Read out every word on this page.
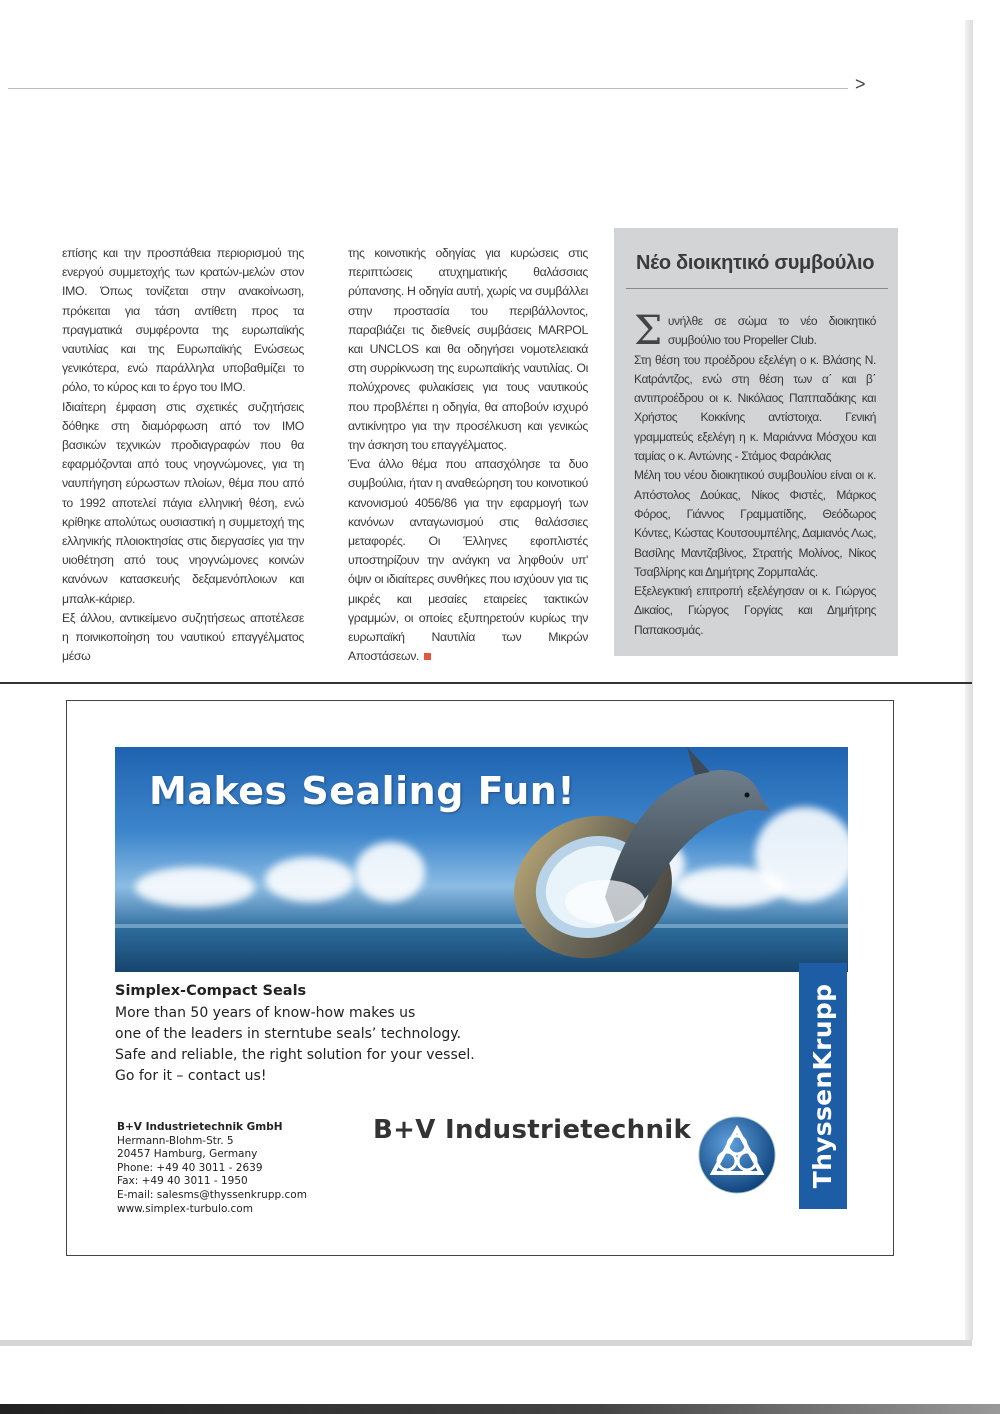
>

επίσης και την προσπάθεια περιορισμού της ενεργού συμμετοχής των κρατών-μελών στον IMO. Όπως τονίζεται στην ανακοίνωση, πρόκειται για τάση αντίθετη προς τα πραγματικά συμφέροντα της ευρωπαϊκής ναυτιλίας και της Ευρωπαϊκής Ενώσεως γενικότερα, ενώ παράλληλα υποβαθμίζει το ρόλο, το κύρος και το έργο του IMO.

Ιδιαίτερη έμφαση στις σχετικές συζητήσεις δόθηκε στη διαμόρφωση από τον IMO βασικών τεχνικών προδιαγραφών που θα εφαρμόζονται από τους νηογνώμονες, για τη ναυπήγηση εύρωστων πλοίων, θέμα που από το 1992 αποτελεί πάγια ελληνική θέση, ενώ κρίθηκε απολύτως ουσιαστική η συμμετοχή της ελληνικής πλοιοκτησίας στις διεργασίες για την υιοθέτηση από τους νηογνώμονες κοινών κανόνων κατασκευής δεξαμενόπλοιων και μπαλκ-κάριερ.

Εξ άλλου, αντικείμενο συζητήσεως αποτέλεσε η ποινικοποίηση του ναυτικού επαγγέλματος μέσω

της κοινοτικής οδηγίας για κυρώσεις στις περιπτώσεις ατυχηματικής θαλάσσιας ρύπανσης. Η οδηγία αυτή, χωρίς να συμβάλλει στην προστασία του περιβάλλοντος, παραβιάζει τις διεθνείς συμβάσεις MARPOL και UNCLOS και θα οδηγήσει νομοτελειακά στη συρρίκνωση της ευρωπαϊκής ναυτιλίας. Οι πολύχρονες φυλακίσεις για τους ναυτικούς που προβλέπει η οδηγία, θα αποβούν ισχυρό αντικίνητρο για την προσέλκυση και γενικώς την άσκηση του επαγγέλματος.

Ένα άλλο θέμα που απασχόλησε τα δυο συμβούλια, ήταν η αναθεώρηση του κοινοτικού κανονισμού 4056/86 για την εφαρμογή των κανόνων ανταγωνισμού στις θαλάσσιες μεταφορές. Οι Έλληνες εφοπλιστές υποστηρίζουν την ανάγκη να ληφθούν υπ' όψιν οι ιδιαίτερες συνθήκες που ισχύουν για τις μικρές και μεσαίες εταιρείες τακτικών γραμμών, οι οποίες εξυπηρετούν κυρίως την ευρωπαϊκή Ναυτιλία των Μικρών Αποστάσεων.

Νέο διοικητικό συμβούλιο

Συνήλθε σε σώμα το νέο διοικητικό συμβούλιο του Propeller Club.

Στη θέση του προέδρου εξελέγη ο κ. Βλάσης Ν. Καtράντζος, ενώ στη θέση των α΄ και β΄ αντιπροέδρου οι κ. Νικόλαος Παππαδάκης και Χρήστος Κοκκίνης αντίστοιχα. Γενική γραμματεύς εξελέγη η κ. Μαριάννα Μόσχου και ταμίας ο κ. Αντώνης - Στάμος Φαράκλας

Μέλη του νέου διοικητικού συμβουλίου είναι οι κ. Απόστολος Δούκας, Νίκος Φιστές, Μάρκος Φόρος, Γιάννος Γραμματίδης, Θεόδωρος Κόντες, Κώστας Κουτσουμπέλης, Δαμιανός Λως, Βασίλης Μαντζαβίνος, Στρατής Μολίνος, Νίκος Τσαβλίρης και Δημήτρης Ζορμπαλάς.

Εξελεγκτική επιτροπή εξελέγησαν οι κ. Γιώργος Δικαίος, Γιώργος Γοργίας και Δημήτρης Παπακοσμάς.

Makes Sealing Fun!
Simplex-Compact Seals
More than 50 years of know-how makes us
one of the leaders in sterntube seals’ technology.
Safe and reliable, the right solution for your vessel.
Go for it – contact us!
B+V Industrietechnik GmbH
Hermann-Blohm-Str. 5
20457 Hamburg, Germany
Phone: +49 40 3011 - 2639
Fax: +49 40 3011 - 1950
E-mail: salesms@thyssenkrupp.com
www.simplex-turbulo.com
B+V Industrietechnik	ThyssenKrupp
